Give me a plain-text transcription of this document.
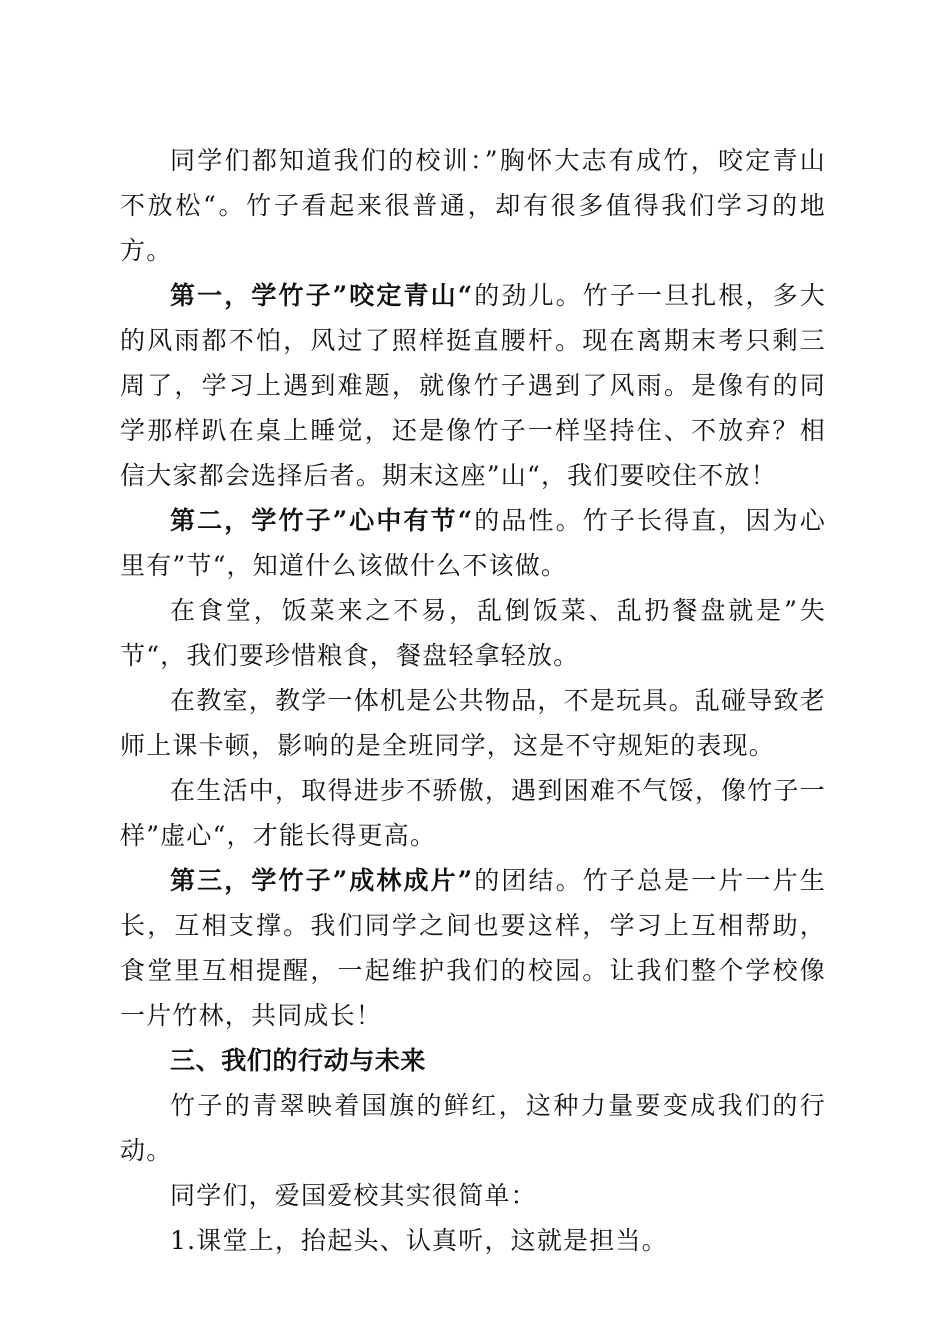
同学们都知道我们的校训：”胸怀大志有成竹，咬定青山不放松“。竹子看起来很普通，却有很多值得我们学习的地方。

第一，学竹子”咬定青山“的劲儿。竹子一旦扎根，多大的风雨都不怕，风过了照样挺直腰杆。现在离期末考只剩三周了，学习上遇到难题，就像竹子遇到了风雨。是像有的同学那样趴在桌上睡觉，还是像竹子一样坚持住、不放弃？相信大家都会选择后者。期末这座”山“，我们要咬住不放！

第二，学竹子”心中有节“的品性。竹子长得直，因为心里有”节“，知道什么该做什么不该做。

在食堂，饭菜来之不易，乱倒饭菜、乱扔餐盘就是”失节“，我们要珍惜粮食，餐盘轻拿轻放。

在教室，教学一体机是公共物品，不是玩具。乱碰导致老师上课卡顿，影响的是全班同学，这是不守规矩的表现。

在生活中，取得进步不骄傲，遇到困难不气馁，像竹子一样”虚心“，才能长得更高。

第三，学竹子”成林成片”的团结。竹子总是一片一片生长，互相支撑。我们同学之间也要这样，学习上互相帮助，食堂里互相提醒，一起维护我们的校园。让我们整个学校像一片竹林，共同成长！

三、我们的行动与未来

竹子的青翠映着国旗的鲜红，这种力量要变成我们的行动。

同学们，爱国爱校其实很简单：

1.课堂上，抬起头、认真听，这就是担当。
